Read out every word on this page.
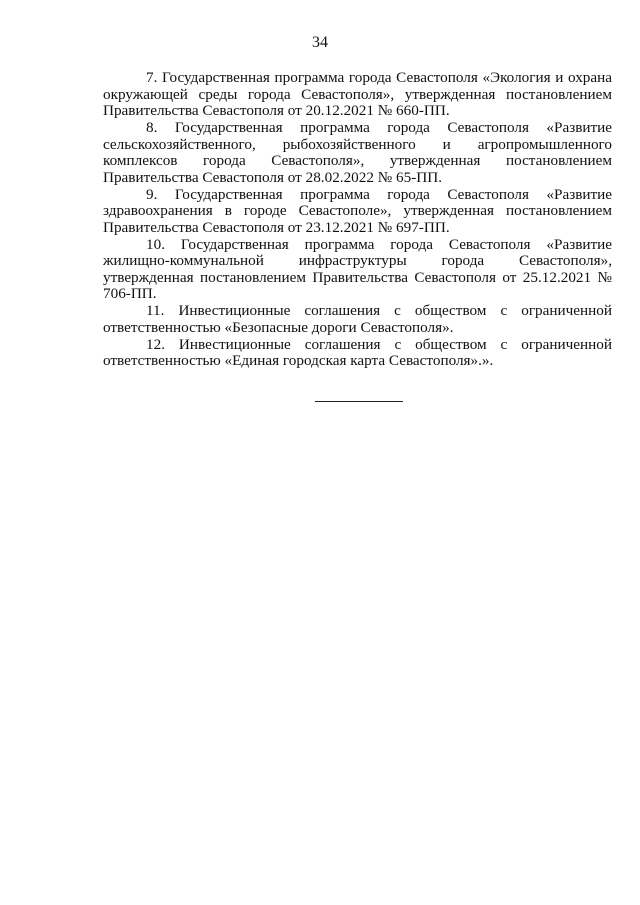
34

7. Государственная программа города Севастополя «Экология и охрана окружающей среды города Севастополя», утвержденная постановлением Правительства Севастополя от 20.12.2021 № 660-ПП.

8. Государственная программа города Севастополя «Развитие сельскохозяйственного, рыбохозяйственного и агропромышленного комплексов города Севастополя», утвержденная постановлением Правительства Севастополя от 28.02.2022 № 65-ПП.

9. Государственная программа города Севастополя «Развитие здравоохранения в городе Севастополе», утвержденная постановлением Правительства Севастополя от 23.12.2021 № 697-ПП.

10. Государственная программа города Севастополя «Развитие жилищно-коммунальной инфраструктуры города Севастополя», утвержденная постановлением Правительства Севастополя от 25.12.2021 № 706-ПП.

11. Инвестиционные соглашения с обществом с ограниченной ответственностью «Безопасные дороги Севастополя».

12. Инвестиционные соглашения с обществом с ограниченной ответственностью «Единая городская карта Севастополя».».
